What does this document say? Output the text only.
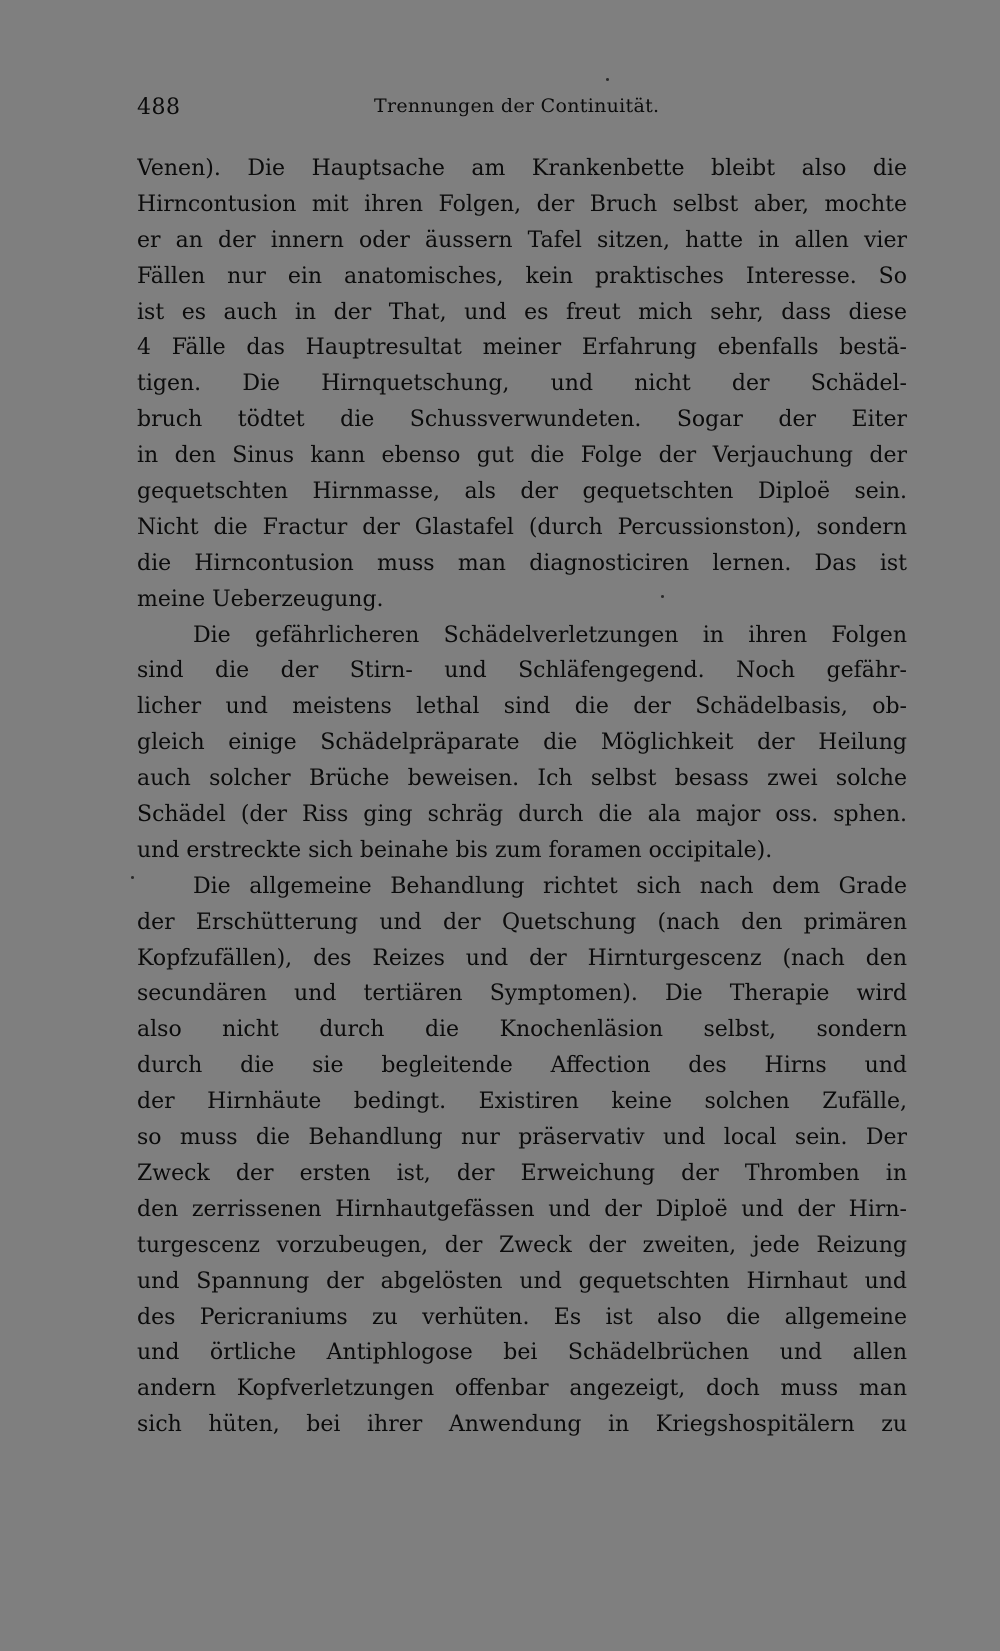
488	Trennungen der Continuität.
Venen). Die Hauptsache am Krankenbette bleibt also die
Hirncontusion mit ihren Folgen, der Bruch selbst aber, mochte
er an der innern oder äussern Tafel sitzen, hatte in allen vier
Fällen nur ein anatomisches, kein praktisches Interesse. So
ist es auch in der That, und es freut mich sehr, dass diese
4 Fälle das Hauptresultat meiner Erfahrung ebenfalls bestä-
tigen. Die Hirnquetschung, und nicht der Schädel-
bruch tödtet die Schussverwundeten. Sogar der Eiter
in den Sinus kann ebenso gut die Folge der Verjauchung der
gequetschten Hirnmasse, als der gequetschten Diploë sein.
Nicht die Fractur der Glastafel (durch Percussionston), sondern
die Hirncontusion muss man diagnosticiren lernen. Das ist
meine Ueberzeugung.
Die gefährlicheren Schädelverletzungen in ihren Folgen
sind die der Stirn- und Schläfengegend. Noch gefähr-
licher und meistens lethal sind die der Schädelbasis, ob-
gleich einige Schädelpräparate die Möglichkeit der Heilung
auch solcher Brüche beweisen. Ich selbst besass zwei solche
Schädel (der Riss ging schräg durch die ala major oss. sphen.
und erstreckte sich beinahe bis zum foramen occipitale).
Die allgemeine Behandlung richtet sich nach dem Grade
der Erschütterung und der Quetschung (nach den primären
Kopfzufällen), des Reizes und der Hirnturgescenz (nach den
secundären und tertiären Symptomen). Die Therapie wird
also nicht durch die Knochenläsion selbst, sondern
durch die sie begleitende Affection des Hirns und
der Hirnhäute bedingt. Existiren keine solchen Zufälle,
so muss die Behandlung nur präservativ und local sein. Der
Zweck der ersten ist, der Erweichung der Thromben in
den zerrissenen Hirnhautgefässen und der Diploë und der Hirn-
turgescenz vorzubeugen, der Zweck der zweiten, jede Reizung
und Spannung der abgelösten und gequetschten Hirnhaut und
des Pericraniums zu verhüten. Es ist also die allgemeine
und örtliche Antiphlogose bei Schädelbrüchen und allen
andern Kopfverletzungen offenbar angezeigt, doch muss man
sich hüten, bei ihrer Anwendung in Kriegshospitälern zu
